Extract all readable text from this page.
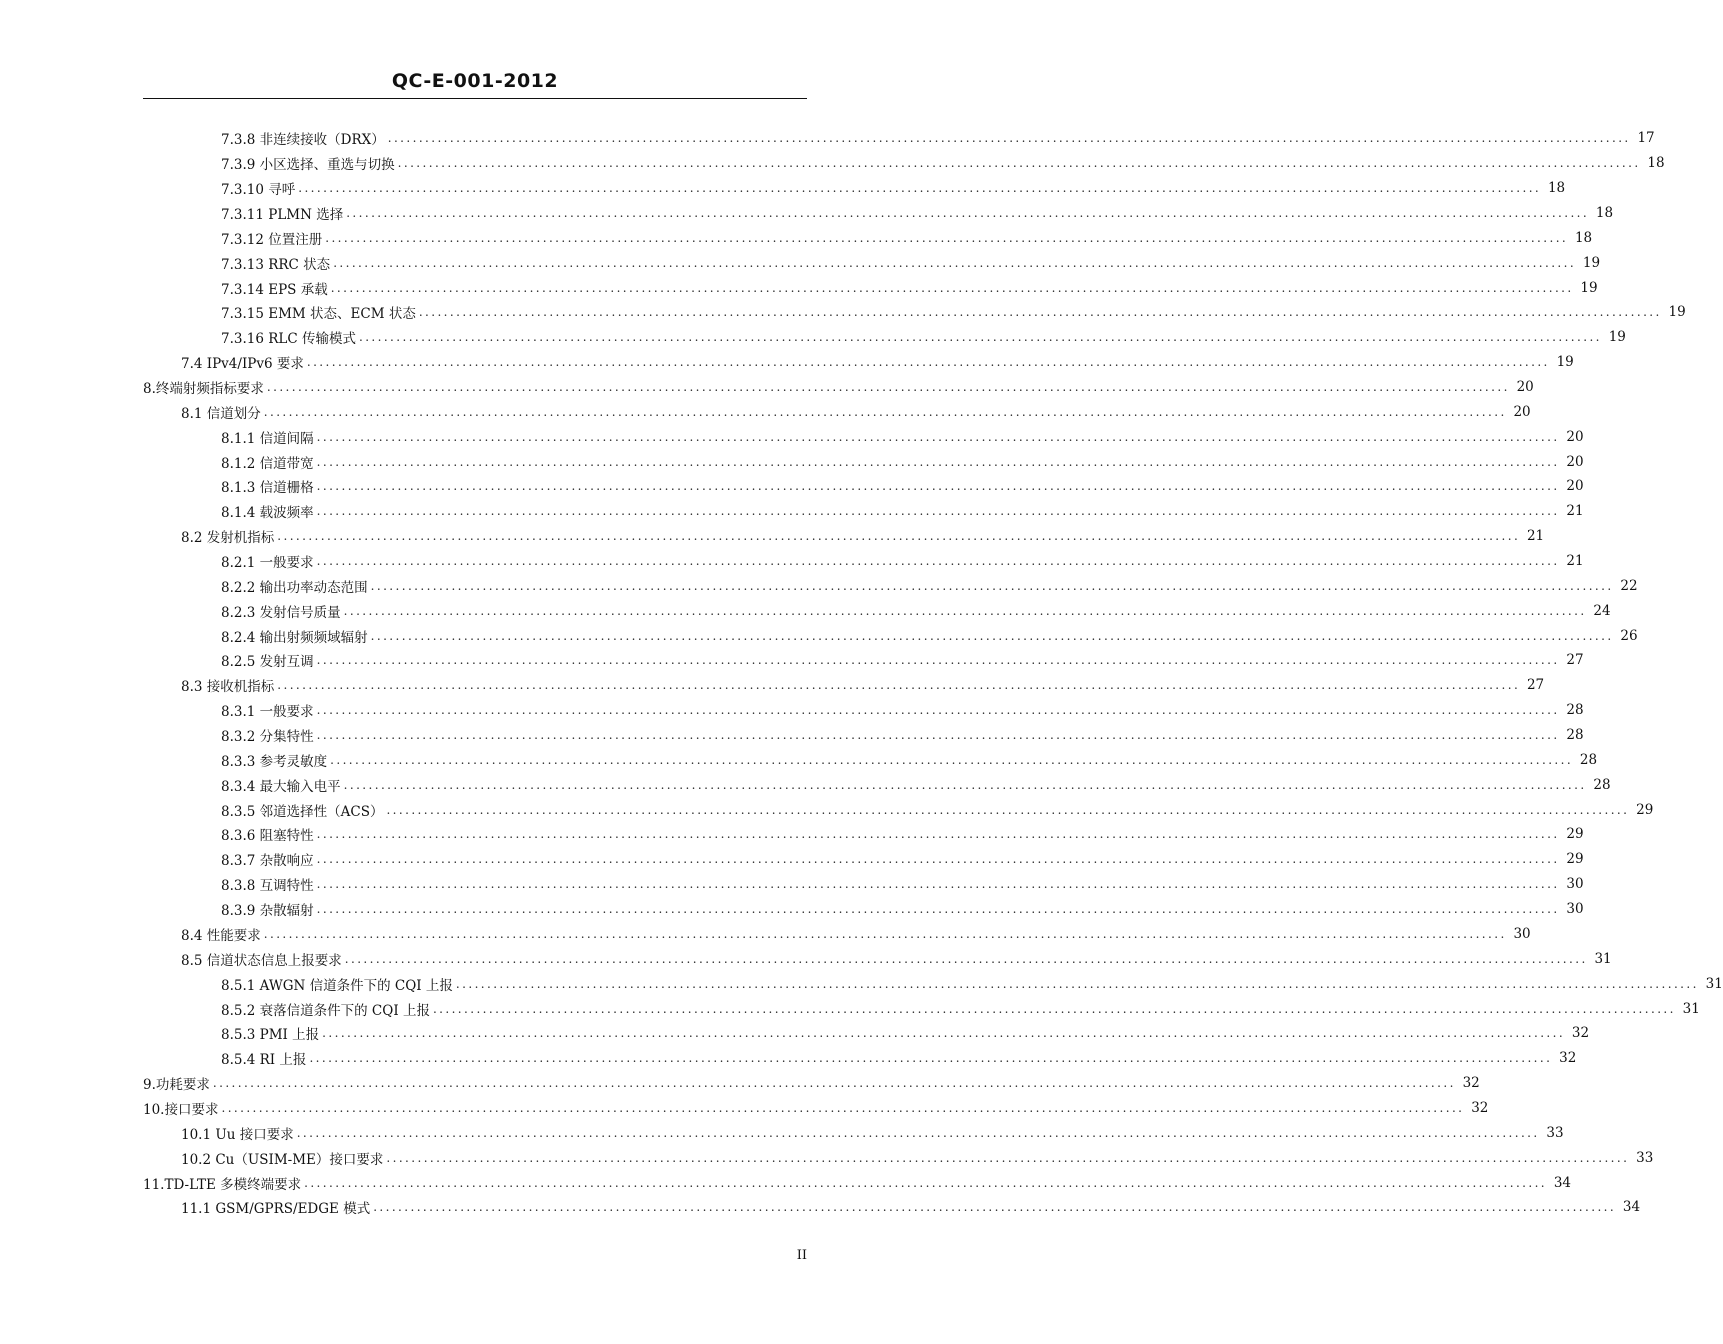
QC-E-001-2012
7.3.8 非连续接收（DRX） ........................................................................................................................................................................................................ 17
7.3.9 小区选择、重选与切换 ........................................................................................................................................................................................................ 18
7.3.10 寻呼 ........................................................................................................................................................................................................ 18
7.3.11 PLMN 选择 ........................................................................................................................................................................................................ 18
7.3.12 位置注册 ........................................................................................................................................................................................................ 18
7.3.13 RRC 状态 ........................................................................................................................................................................................................ 19
7.3.14 EPS 承载 ........................................................................................................................................................................................................ 19
7.3.15 EMM 状态、ECM 状态 ........................................................................................................................................................................................................ 19
7.3.16 RLC 传输模式 ........................................................................................................................................................................................................ 19
7.4 IPv4/IPv6 要求 ........................................................................................................................................................................................................ 19
8.终端射频指标要求 ........................................................................................................................................................................................................ 20
8.1 信道划分 ........................................................................................................................................................................................................ 20
8.1.1 信道间隔 ........................................................................................................................................................................................................ 20
8.1.2 信道带宽 ........................................................................................................................................................................................................ 20
8.1.3 信道栅格 ........................................................................................................................................................................................................ 20
8.1.4 载波频率 ........................................................................................................................................................................................................ 21
8.2 发射机指标 ........................................................................................................................................................................................................ 21
8.2.1 一般要求 ........................................................................................................................................................................................................ 21
8.2.2 输出功率动态范围 ........................................................................................................................................................................................................ 22
8.2.3 发射信号质量 ........................................................................................................................................................................................................ 24
8.2.4 输出射频频域辐射 ........................................................................................................................................................................................................ 26
8.2.5 发射互调 ........................................................................................................................................................................................................ 27
8.3 接收机指标 ........................................................................................................................................................................................................ 27
8.3.1 一般要求 ........................................................................................................................................................................................................ 28
8.3.2 分集特性 ........................................................................................................................................................................................................ 28
8.3.3 参考灵敏度 ........................................................................................................................................................................................................ 28
8.3.4 最大输入电平 ........................................................................................................................................................................................................ 28
8.3.5 邻道选择性（ACS） ........................................................................................................................................................................................................ 29
8.3.6 阻塞特性 ........................................................................................................................................................................................................ 29
8.3.7 杂散响应 ........................................................................................................................................................................................................ 29
8.3.8 互调特性 ........................................................................................................................................................................................................ 30
8.3.9 杂散辐射 ........................................................................................................................................................................................................ 30
8.4 性能要求 ........................................................................................................................................................................................................ 30
8.5 信道状态信息上报要求 ........................................................................................................................................................................................................ 31
8.5.1 AWGN 信道条件下的 CQI 上报 ........................................................................................................................................................................................................ 31
8.5.2 衰落信道条件下的 CQI 上报 ........................................................................................................................................................................................................ 31
8.5.3 PMI 上报 ........................................................................................................................................................................................................ 32
8.5.4 RI 上报 ........................................................................................................................................................................................................ 32
9.功耗要求 ........................................................................................................................................................................................................ 32
10.接口要求 ........................................................................................................................................................................................................ 32
10.1 Uu 接口要求 ........................................................................................................................................................................................................ 33
10.2 Cu（USIM-ME）接口要求 ........................................................................................................................................................................................................ 33
11.TD-LTE 多模终端要求 ........................................................................................................................................................................................................ 34
11.1 GSM/GPRS/EDGE 模式 ........................................................................................................................................................................................................ 34
II
